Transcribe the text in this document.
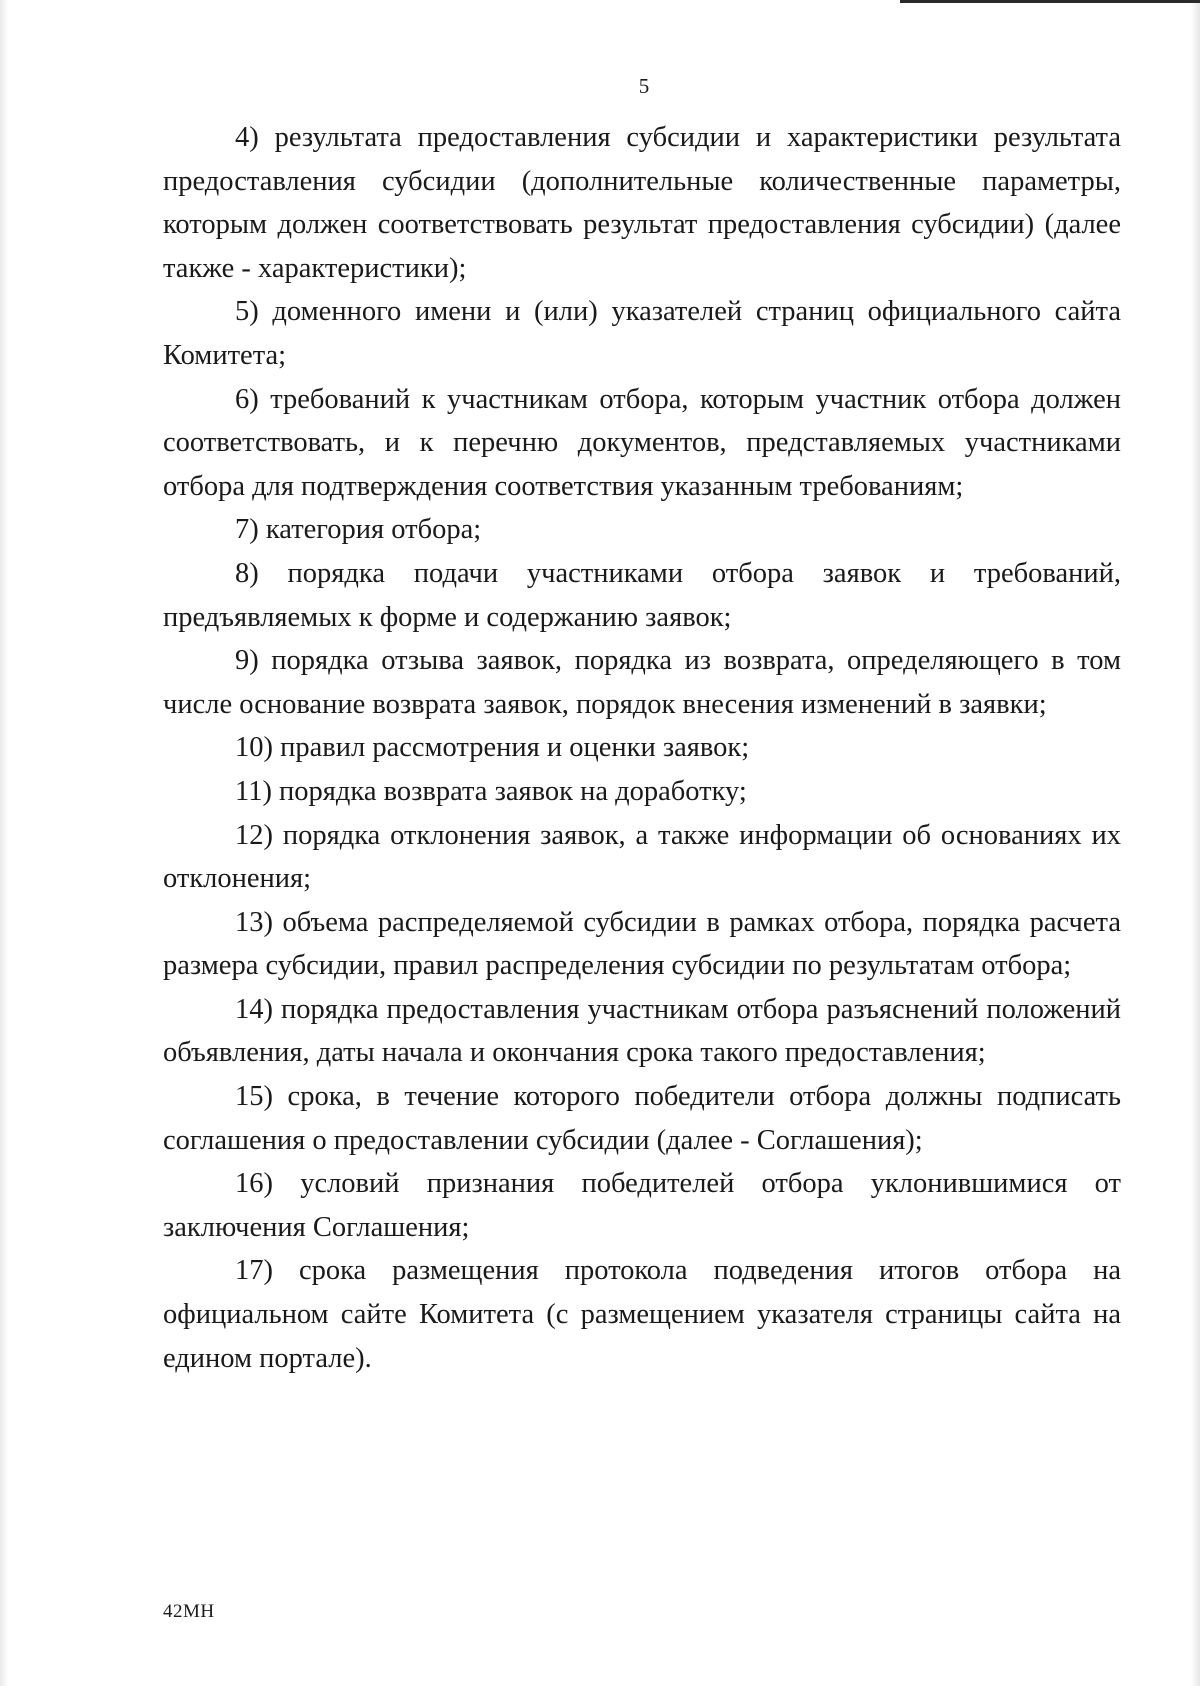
5

4) результата предоставления субсидии и характеристики результата предоставления субсидии (дополнительные количественные параметры, которым должен соответствовать результат предоставления субсидии) (далее также - характеристики);

5) доменного имени и (или) указателей страниц официального сайта Комитета;

6) требований к участникам отбора, которым участник отбора должен соответствовать, и к перечню документов, представляемых участниками отбора для подтверждения соответствия указанным требованиям;

7) категория отбора;

8) порядка подачи участниками отбора заявок и требований, предъявляемых к форме и содержанию заявок;

9) порядка отзыва заявок, порядка из возврата, определяющего в том числе основание возврата заявок, порядок внесения изменений в заявки;

10) правил рассмотрения и оценки заявок;

11) порядка возврата заявок на доработку;

12) порядка отклонения заявок, а также информации об основаниях их отклонения;

13) объема распределяемой субсидии в рамках отбора, порядка расчета размера субсидии, правил распределения субсидии по результатам отбора;

14) порядка предоставления участникам отбора разъяснений положений объявления, даты начала и окончания срока такого предоставления;

15) срока, в течение которого победители отбора должны подписать соглашения о предоставлении субсидии (далее - Соглашения);

16) условий признания победителей отбора уклонившимися от заключения Соглашения;

17) срока размещения протокола подведения итогов отбора на официальном сайте Комитета (с размещением указателя страницы сайта на едином портале).

42МН
